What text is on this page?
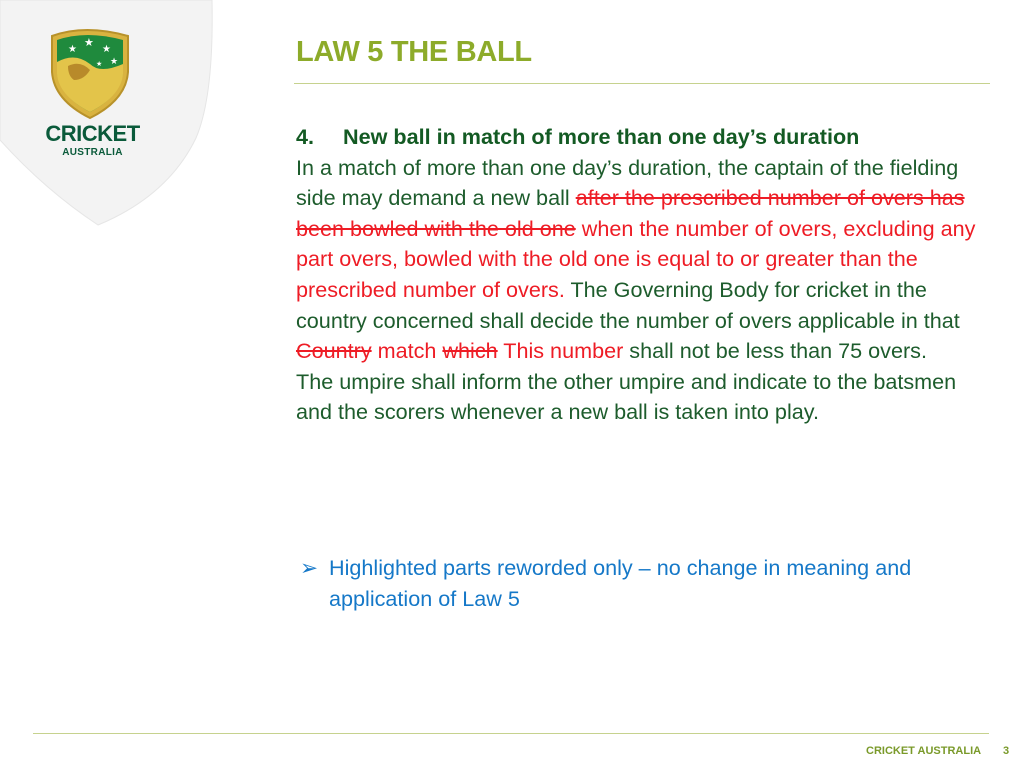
★
★
★
★
★
CRICKET
AUSTRALIA
LAW 5 THE BALL

4. New ball in match of more than one day’s duration

In a match of more than one day’s duration, the captain of the fielding side may demand a new ball after the prescribed number of overs has been bowled with the old one when the number of overs, excluding any part overs, bowled with the old one is equal to or greater than the prescribed number of overs. The Governing Body for cricket in the country concerned shall decide the number of overs applicable in that Country match which This number shall not be less than 75 overs.

The umpire shall inform the other umpire and indicate to the batsmen and the scorers whenever a new ball is taken into play.

➢ Highlighted parts reworded only – no change in meaning and application of Law 5
CRICKET AUSTRALIA 3
